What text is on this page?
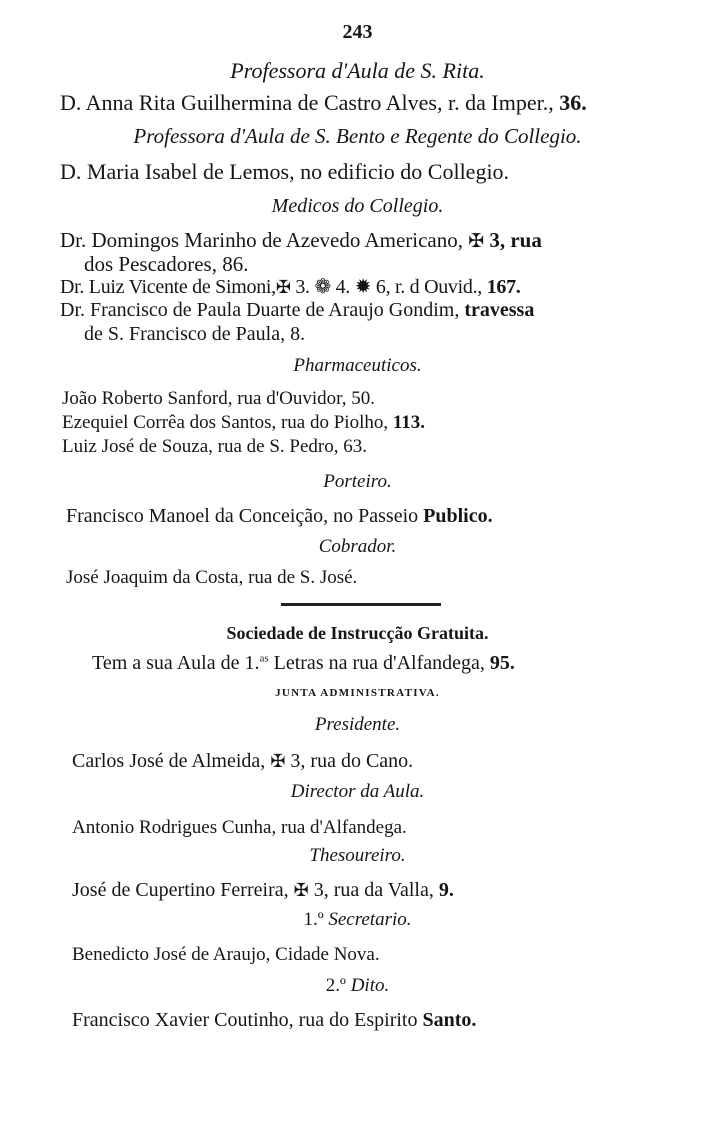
243
Professora d'Aula de S. Rita.
D. Anna Rita Guilhermina de Castro Alves, r. da Imper., 36.
Professora d'Aula de S. Bento e Regente do Collegio.
D. Maria Isabel de Lemos, no edificio do Collegio.
Medicos do Collegio.
Dr. Domingos Marinho de Azevedo Americano, ✠ 3, rua
dos Pescadores, 86.
Dr. Luiz Vicente de Simoni,✠ 3. ❁ 4. ✹ 6, r. d Ouvid., 167.
Dr. Francisco de Paula Duarte de Araujo Gondim, travessa
de S. Francisco de Paula, 8.
Pharmaceuticos.
João Roberto Sanford, rua d'Ouvidor, 50.
Ezequiel Corrêa dos Santos, rua do Piolho, 113.
Luiz José de Souza, rua de S. Pedro, 63.
Porteiro.
Francisco Manoel da Conceição, no Passeio Publico.
Cobrador.
José Joaquim da Costa, rua de S. José.
Sociedade de Instrucção Gratuita.
Tem a sua Aula de 1.$^{as}$ Letras na rua d'Alfandega, 95.
JUNTA ADMINISTRATIVA.
Presidente.
Carlos José de Almeida, ✠ 3, rua do Cano.
Director da Aula.
Antonio Rodrigues Cunha, rua d'Alfandega.
Thesoureiro.
José de Cupertino Ferreira, ✠ 3, rua da Valla, 9.
1.º Secretario.
Benedicto José de Araujo, Cidade Nova.
2.º Dito.
Francisco Xavier Coutinho, rua do Espirito Santo.
